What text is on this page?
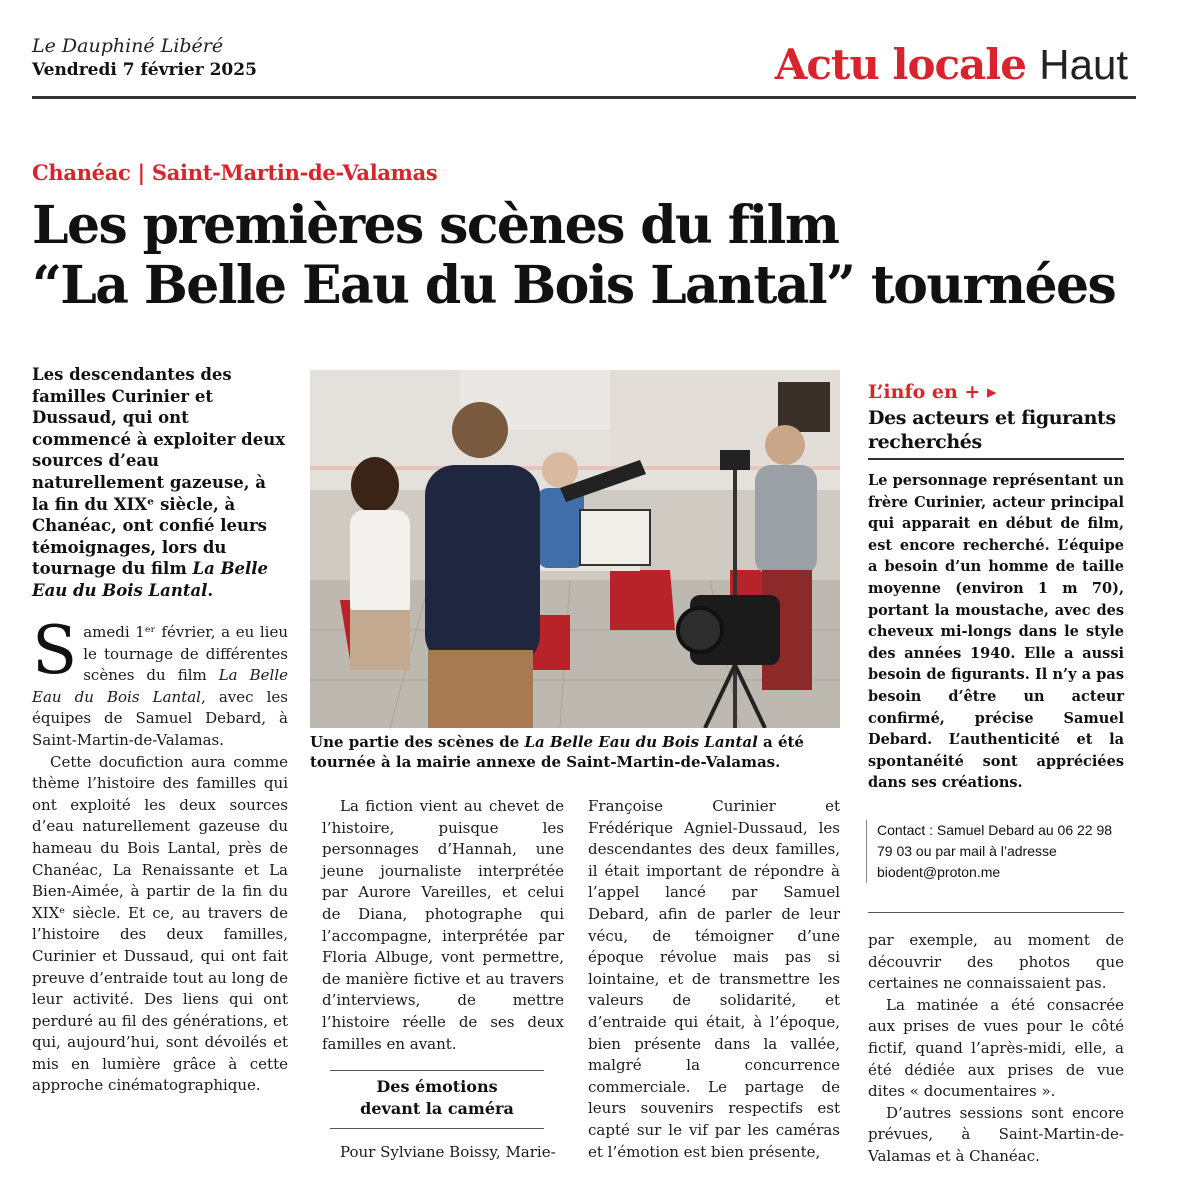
Le Dauphiné Libéré
Vendredi 7 février 2025	Actu locale Haut
Chanéac | Saint-Martin-de-Valamas
Les premières scènes du film
“La Belle Eau du Bois Lantal” tournées
Les descendantes des familles Curinier et Dussaud, qui ont commencé à exploiter deux sources d’eau naturellement gazeuse, à la fin du XIXᵉ siècle, à Chanéac, ont confié leurs témoignages, lors du tournage du film La Belle Eau du Bois Lantal.

Samedi 1ᵉʳ février, a eu lieu le tournage de différentes scènes du film La Belle Eau du Bois Lantal, avec les équipes de Samuel Debard, à Saint-Martin-de-Valamas.

Cette docufiction aura comme thème l’histoire des familles qui ont exploité les deux sources d’eau naturellement gazeuse du hameau du Bois Lantal, près de Chanéac, La Renaissante et La Bien-Aimée, à partir de la fin du XIXᵉ siècle. Et ce, au travers de l’histoire des deux familles, Curinier et Dussaud, qui ont fait preuve d’entraide tout au long de leur activité. Des liens qui ont perduré au fil des générations, et qui, aujourd’hui, sont dévoilés et mis en lumière grâce à cette approche cinématographique.

Une partie des scènes de La Belle Eau du Bois Lantal a été tournée à la mairie annexe de Saint-Martin-de-Valamas.

La fiction vient au chevet de l’histoire, puisque les personnages d’Hannah, une jeune journaliste interprétée par Aurore Vareilles, et celui de Diana, photographe qui l’accompagne, interprétée par Floria Albuge, vont permettre, de manière fictive et au travers d’interviews, de mettre l’histoire réelle de ses deux familles en avant.

Des émotions
devant la caméra

Pour Sylviane Boissy, Marie-

Françoise Curinier et Frédérique Agniel-Dussaud, les descendantes des deux familles, il était important de répondre à l’appel lancé par Samuel Debard, afin de parler de leur vécu, de témoigner d’une époque révolue mais pas si lointaine, et de transmettre les valeurs de solidarité, et d’entraide qui était, à l’époque, bien présente dans la vallée, malgré la concurrence commerciale. Le partage de leurs souvenirs respectifs est capté sur le vif par les caméras et l’émotion est bien présente,

L’info en + ▸
Des acteurs et figurants recherchés
Le personnage représentant un frère Curinier, acteur principal qui apparait en début de film, est encore recherché. L’équipe a besoin d’un homme de taille moyenne (environ 1 m 70), portant la moustache, avec des cheveux mi-longs dans le style des années 1940. Elle a aussi besoin de figurants. Il n’y a pas besoin d’être un acteur confirmé, précise Samuel Debard. L’authenticité et la spontanéité sont appréciées dans ses créations.
Contact : Samuel Debard au 06 22 98 79 03 ou par mail à l’adresse biodent@proton.me

par exemple, au moment de découvrir des photos que certaines ne connaissaient pas.

La matinée a été consacrée aux prises de vues pour le côté fictif, quand l’après-midi, elle, a été dédiée aux prises de vue dites « documentaires ».

D’autres sessions sont encore prévues, à Saint-Martin-de-Valamas et à Chanéac.
